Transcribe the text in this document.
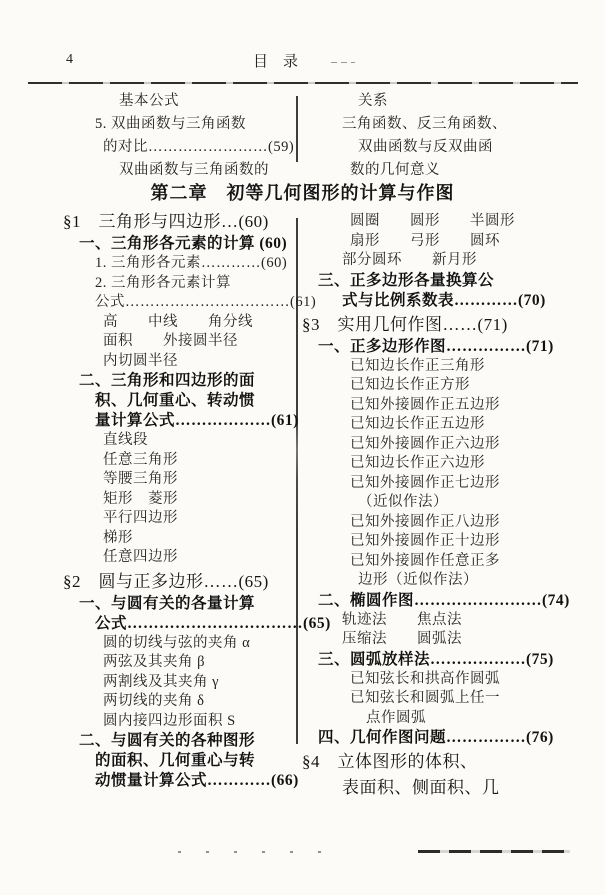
4	目　录
基本公式
5. 双曲函数与三角函数
的对比……………………(59)
双曲函数与三角函数的
关系
三角函数、反三角函数、
双曲函数与反双曲函
数的几何意义
第二章　初等几何图形的计算与作图
§1　三角形与四边形…(60)
一、三角形各元素的计算 (60)
1. 三角形各元素…………(60)
2. 三角形各元素计算
公式……………………………(61)
高　　中线　　角分线
面积　　外接圆半径
内切圆半径
二、三角形和四边形的面
积、几何重心、转动惯
量计算公式………………(61)
直线段
任意三角形
等腰三角形
矩形　菱形
平行四边形
梯形
任意四边形
§2　圆与正多边形……(65)
一、与圆有关的各量计算
公式……………………………(65)
圆的切线与弦的夹角 α
两弦及其夹角 β
两割线及其夹角 γ
两切线的夹角 δ
圆内接四边形面积 S
二、与圆有关的各种图形
的面积、几何重心与转
动惯量计算公式…………(66)
圆圈　　圆形　　半圆形
扇形　　弓形　　圆环
部分圆环　　新月形
三、正多边形各量换算公
式与比例系数表…………(70)
§3　实用几何作图……(71)
一、正多边形作图……………(71)
已知边长作正三角形
已知边长作正方形
已知外接圆作正五边形
已知边长作正五边形
已知外接圆作正六边形
已知边长作正六边形
已知外接圆作正七边形
（近似作法）
已知外接圆作正八边形
已知外接圆作正十边形
已知外接圆作任意正多
边形（近似作法）
二、椭圆作图……………………(74)
轨迹法　　焦点法
压缩法　　圆弧法
三、圆弧放样法………………(75)
已知弦长和拱高作圆弧
已知弦长和圆弧上任一
点作圆弧
四、几何作图问题……………(76)
§4　立体图形的体积、
表面积、侧面积、几
